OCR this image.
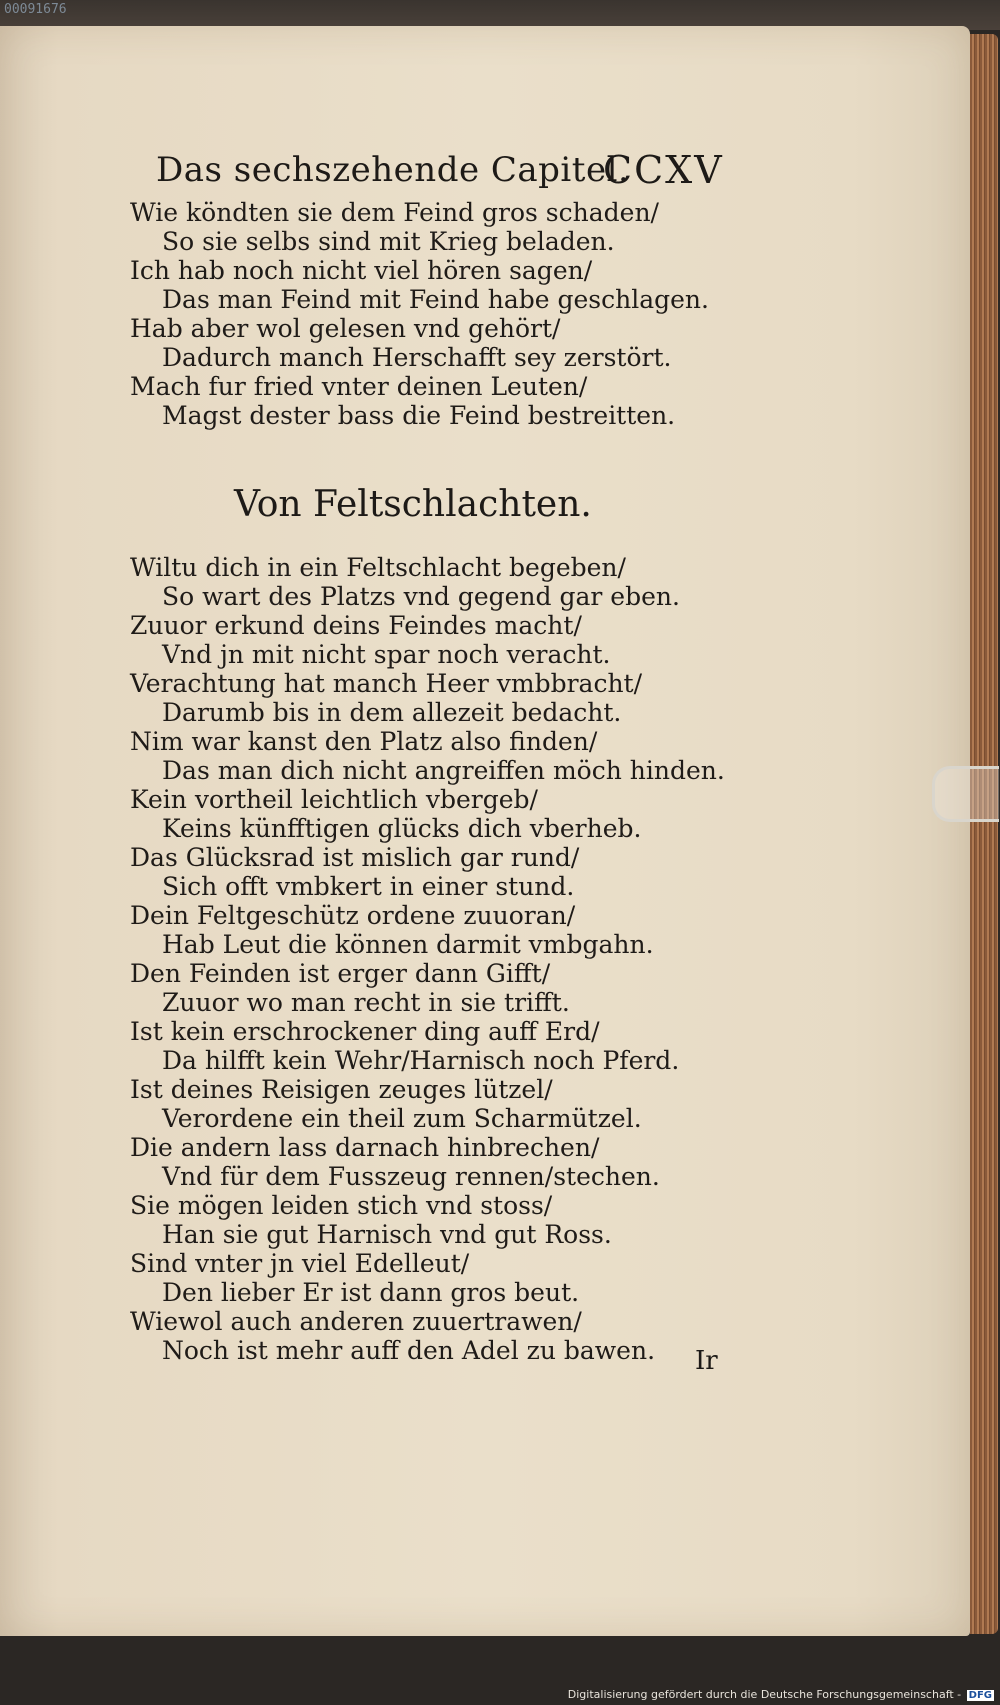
00091676
Das sechszehende Capitel.
CCXV
Wie köndten sie dem Feind gros schaden/
So sie selbs sind mit Krieg beladen.
Ich hab noch nicht viel hören sagen/
Das man Feind mit Feind habe geschlagen.
Hab aber wol gelesen vnd gehört/
Dadurch manch Herschafft sey zerstört.
Mach fur fried vnter deinen Leuten/
Magst dester bass die Feind bestreitten.
Von Feltschlachten.
Wiltu dich in ein Feltschlacht begeben/
So wart des Platzs vnd gegend gar eben.
Zuuor erkund deins Feindes macht/
Vnd jn mit nicht spar noch veracht.
Verachtung hat manch Heer vmbbracht/
Darumb bis in dem allezeit bedacht.
Nim war kanst den Platz also finden/
Das man dich nicht angreiffen möch hinden.
Kein vortheil leichtlich vbergeb/
Keins künfftigen glücks dich vberheb.
Das Glücksrad ist mislich gar rund/
Sich offt vmbkert in einer stund.
Dein Feltgeschütz ordene zuuoran/
Hab Leut die können darmit vmbgahn.
Den Feinden ist erger dann Gifft/
Zuuor wo man recht in sie trifft.
Ist kein erschrockener ding auff Erd/
Da hilfft kein Wehr/Harnisch noch Pferd.
Ist deines Reisigen zeuges lützel/
Verordene ein theil zum Scharmützel.
Die andern lass darnach hinbrechen/
Vnd für dem Fusszeug rennen/stechen.
Sie mögen leiden stich vnd stoss/
Han sie gut Harnisch vnd gut Ross.
Sind vnter jn viel Edelleut/
Den lieber Er ist dann gros beut.
Wiewol auch anderen zuuertrawen/
Noch ist mehr auff den Adel zu bawen.	Ir
Digitalisierung gefördert durch die Deutsche Forschungsgemeinschaft - DFG
